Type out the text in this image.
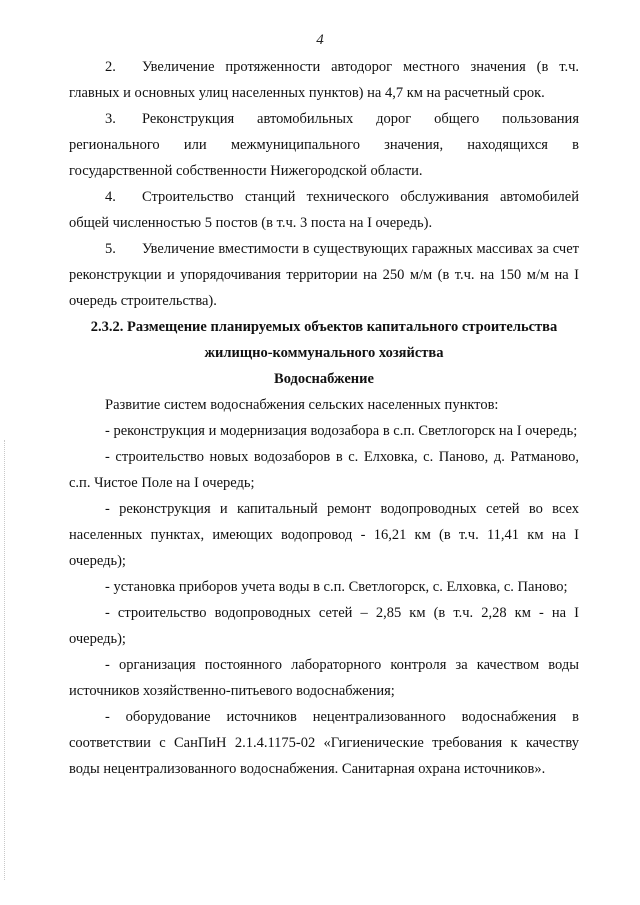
4

2. Увеличение протяженности автодорог местного значения (в т.ч. главных и основных улиц населенных пунктов) на 4,7 км на расчетный срок.

3. Реконструкция автомобильных дорог общего пользования регионального или межмуниципального значения, находящихся в государственной собственности Нижегородской области.

4. Строительство станций технического обслуживания автомобилей общей численностью 5 постов (в т.ч. 3 поста на I очередь).

5. Увеличение вместимости в существующих гаражных массивах за счет реконструкции и упорядочивания территории на 250 м/м (в т.ч. на 150 м/м на I очередь строительства).

2.3.2. Размещение планируемых объектов капитального строительства жилищно-коммунального хозяйства

Водоснабжение

Развитие систем водоснабжения сельских населенных пунктов:

- реконструкция и модернизация водозабора в с.п. Светлогорск на I очередь;

- строительство новых водозаборов в с. Елховка, с. Паново, д. Ратманово, с.п. Чистое Поле на I очередь;

- реконструкция и капитальный ремонт водопроводных сетей во всех населенных пунктах, имеющих водопровод - 16,21 км (в т.ч. 11,41 км на I очередь);

- установка приборов учета воды в с.п. Светлогорск, с. Елховка, с. Паново;

- строительство водопроводных сетей – 2,85 км (в т.ч. 2,28 км - на I очередь);

- организация постоянного лабораторного контроля за качеством воды источников хозяйственно-питьевого водоснабжения;

- оборудование источников нецентрализованного водоснабжения в соответствии с СанПиН 2.1.4.1175-02 «Гигиенические требования к качеству воды нецентрализованного водоснабжения. Санитарная охрана источников».
